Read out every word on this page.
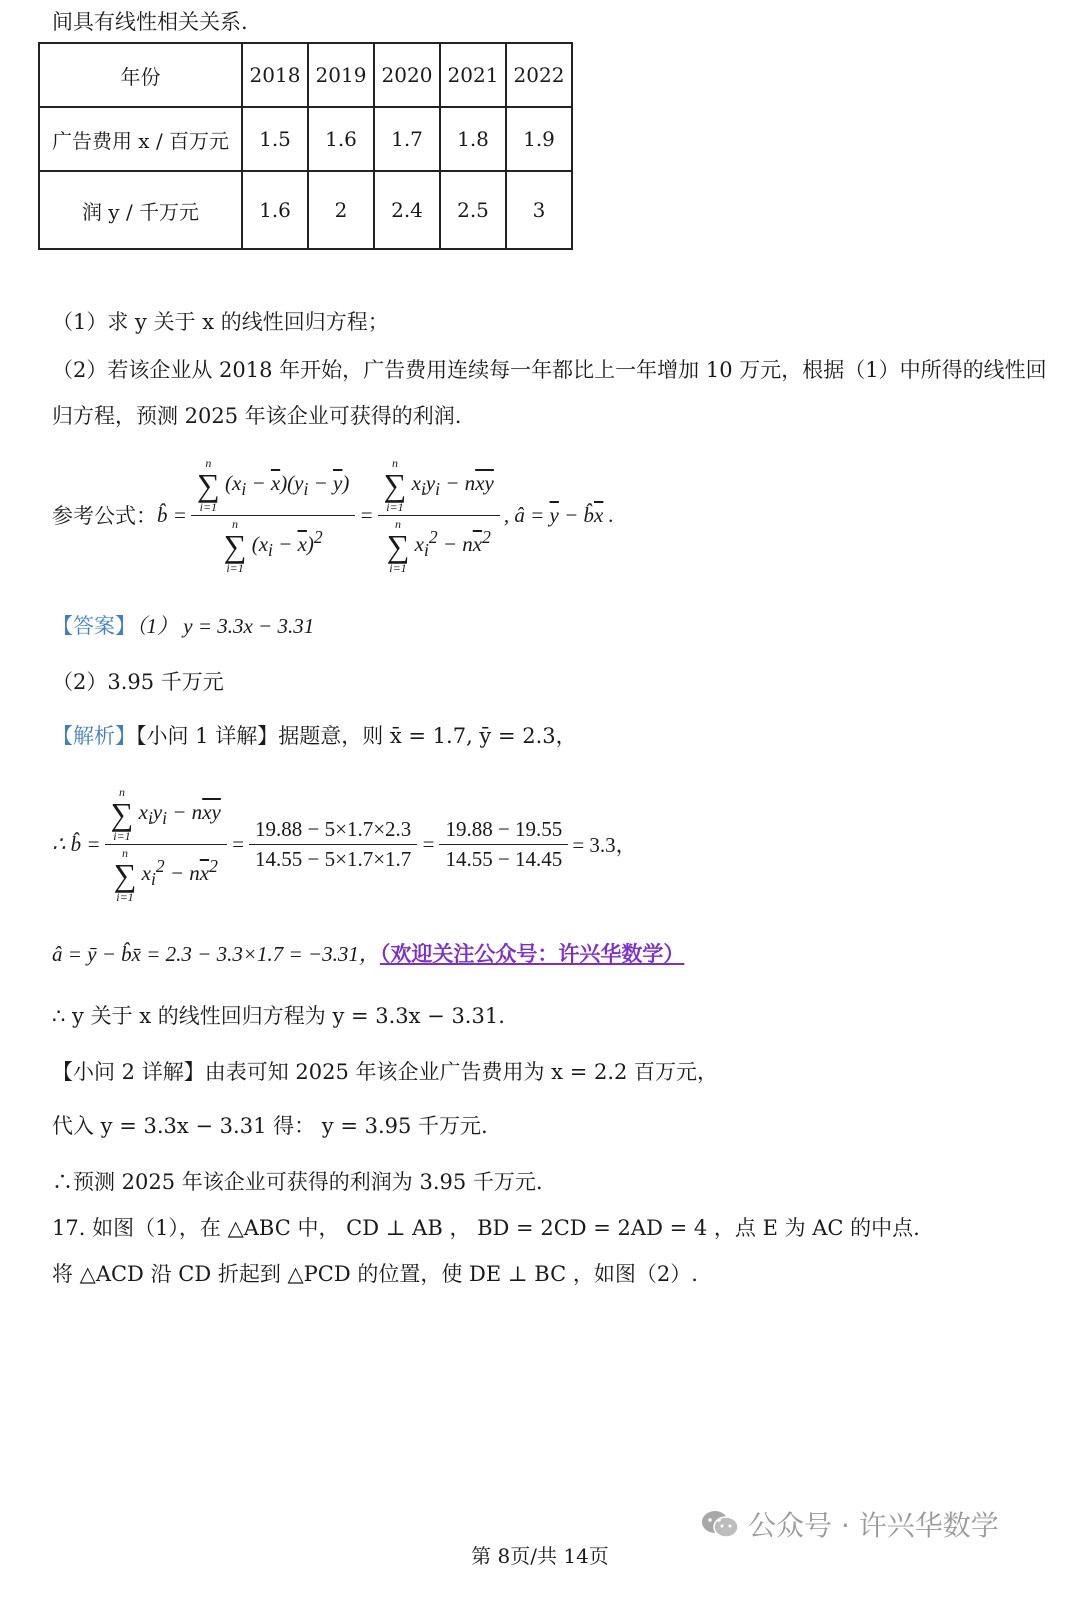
间具有线性相关关系.
年份	2018	2019	2020	2021	2022
广告费用 x / 百万元	1.5	1.6	1.7	1.8	1.9
润 y / 千万元	1.6	2	2.4	2.5	3
（1）求 y 关于 x 的线性回归方程；
（2）若该企业从 2018 年开始，广告费用连续每一年都比上一年增加 10 万元，根据（1）中所得的线性回
归方程，预测 2025 年该企业可获得的利润.
参考公式： b̂ = n
∑
i=1
$(x_i - \overline{x})(y_i - \overline{y})$
n
∑
i=1
$(x_i - \overline{x})^2 = n$
∑
i=1
$x_iy_i - n\overline{xy}$
n
∑
i=1
$x_i^2 - n\overline{x}^2$ , â = $\overline{y}$ − $b̂\overline{x}$ .
【答案】（1） y = 3.3x − 3.31
（2）3.95 千万元
【解析】【小问 1 详解】据题意，则 x̄ = 1.7, ȳ = 2.3，
∴ b̂ = n
∑
i=1
$x_iy_i - n\overline{xy}$
n
∑
i=1
$x_i^2 - n\overline{x}^2 = \frac{19.88 - 5\times 1.7\times 2.3}{14.55 - 5\times 1.7\times 1.7} = \frac{19.88 - 19.55}{14.55 - 14.45} = 3.3$，
â = ȳ − b̂x̄ = 2.3 − 3.3×1.7 = −3.31，（欢迎关注公众号：许兴华数学）
∴ y 关于 x 的线性回归方程为 y = 3.3x − 3.31.
【小问 2 详解】由表可知 2025 年该企业广告费用为 x = 2.2 百万元，
代入 y = 3.3x − 3.31 得： y = 3.95 千万元.
∴预测 2025 年该企业可获得的利润为 3.95 千万元.
17. 如图（1），在 △ABC 中， CD ⊥ AB ， BD = 2CD = 2AD = 4 ，点 E 为 AC 的中点.
将 △ACD 沿 CD 折起到 △PCD 的位置，使 DE ⊥ BC ，如图（2）.
公众号 · 许兴华数学
第 8页/共 14页
